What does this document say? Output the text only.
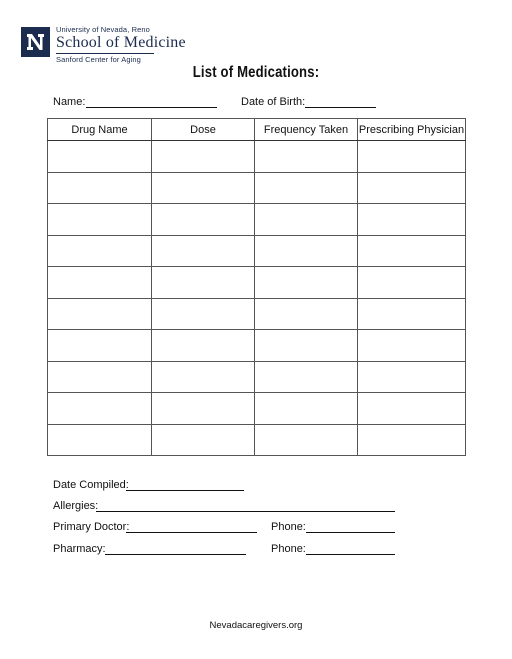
University of Nevada, Reno
School of Medicine
Sanford Center for Aging
List of Medications:
Name:	Date of Birth:
Drug Name	Dose	Frequency Taken	Prescribing Physician

Date Compiled:
Allergies:
Primary Doctor:	Phone:
Pharmacy:	Phone:
Nevadacaregivers.org
